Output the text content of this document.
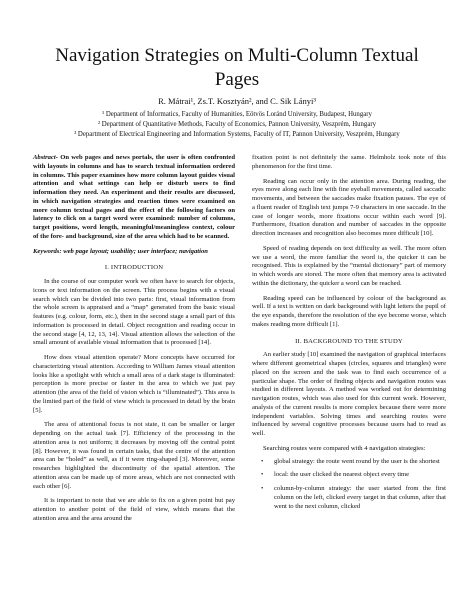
Navigation Strategies on Multi-Column Textual Pages
R. Mátrai¹, Zs.T. Kosztyán², and C. Sik Lányi³
¹ Department of Informatics, Faculty of Humanities, Eötvös Loránd University, Budapest, Hungary
² Department of Quantitative Methods, Faculty of Economics, Pannon University, Veszprém, Hungary
³ Department of Electrical Engineering and Information Systems, Faculty of IT, Pannon University, Veszprém, Hungary

Abstract- On web pages and news portals, the user is often confronted with layouts in columns and has to search textual information ordered in columns. This paper examines how more column layout guides visual attention and what settings can help or disturb users to find information they need. An experiment and their results are discussed, in which navigation strategies and reaction times were examined on more column textual pages and the effect of the following factors on latency to click on a target word were examined: number of columns, target positions, word length, meaningful/meaningless context, colour of the fore- and background, size of the area which had to be scanned.

Keywords: web page layout; usability; user interface; navigation

I. INTRODUCTION

In the course of our computer work we often have to search for objects, icons or text information on the screen. This process begins with a visual search which can be divided into two parts: first, visual information from the whole screen is appraised and a “map” generated from the basic visual features (e.g. colour, form, etc.), then in the second stage a small part of this information is processed in detail. Object recognition and reading occur in the second stage [4, 12, 13, 14]. Visual attention allows the selection of the small amount of available visual information that is processed [14].

How does visual attention operate? More concepts have occurred for characterizing visual attention. According to William James visual attention looks like a spotlight with which a small area of a dark stage is illuminated: perception is more precise or faster in the area to which we just pay attention (the area of the field of vision which is “illuminated”). This area is the limited part of the field of view which is processed in detail by the brain [5].

The area of attentional focus is not state, it can be smaller or larger depending on the actual task [7]. Efficiency of the processing in the attention area is not uniform; it decreases by moving off the central point [8]. However, it was found in certain tasks, that the centre of the attention area can be “holed” as well, as if it were ring-shaped [3]. Moreover, some researches highlighted the discontinuity of the spatial attention. The attention area can be made up of more areas, which are not connected with each other [6].

It is important to note that we are able to fix on a given point but pay attention to another point of the field of view, which means that the attention area and the area around the

fixation point is not definitely the same. Helmholz took note of this phenomenon for the first time.

Reading can occur only in the attention area. During reading, the eyes move along each line with fine eyeball movements, called saccadic movements, and between the saccades make fixation pauses. The eye of a fluent reader of English text jumps 7-9 characters in one saccade. In the case of longer words, more fixations occur within each word [9]. Furthermore, fixation duration and number of saccades in the opposite direction increases and recognition also becomes more difficult [10].

Speed of reading depends on text difficulty as well. The more often we use a word, the more familiar the word is, the quicker it can be recognised. This is explained by the “mental dictionary” part of memory in which words are stored. The more often that memory area is activated within the dictionary, the quicker a word can be reached.

Reading speed can be influenced by colour of the background as well. If a text is written on dark background with light letters the pupil of the eye expands, therefore the resolution of the eye become worse, which makes reading more difficult [1].

II. BACKGROUND TO THE STUDY

An earlier study [10] examined the navigation of graphical interfaces where different geometrical shapes (circles, squares and triangles) were placed on the screen and the task was to find each occurrence of a particular shape. The order of finding objects and navigation routes was studied in different layouts. A method was worked out for determining navigation routes, which was also used for this current work. However, analysis of the current results is more complex because there were more independent variables. Solving times and searching routes were influenced by several cognitive processes because users had to read as well.

Searching routes were compared with 4 navigation strategies:

• global strategy: the route went round by the user is the shortest
• local: the user clicked the nearest object every time
• column-by-column strategy: the user started from the first column on the left, clicked every target in that column, after that went to the next column, clicked
